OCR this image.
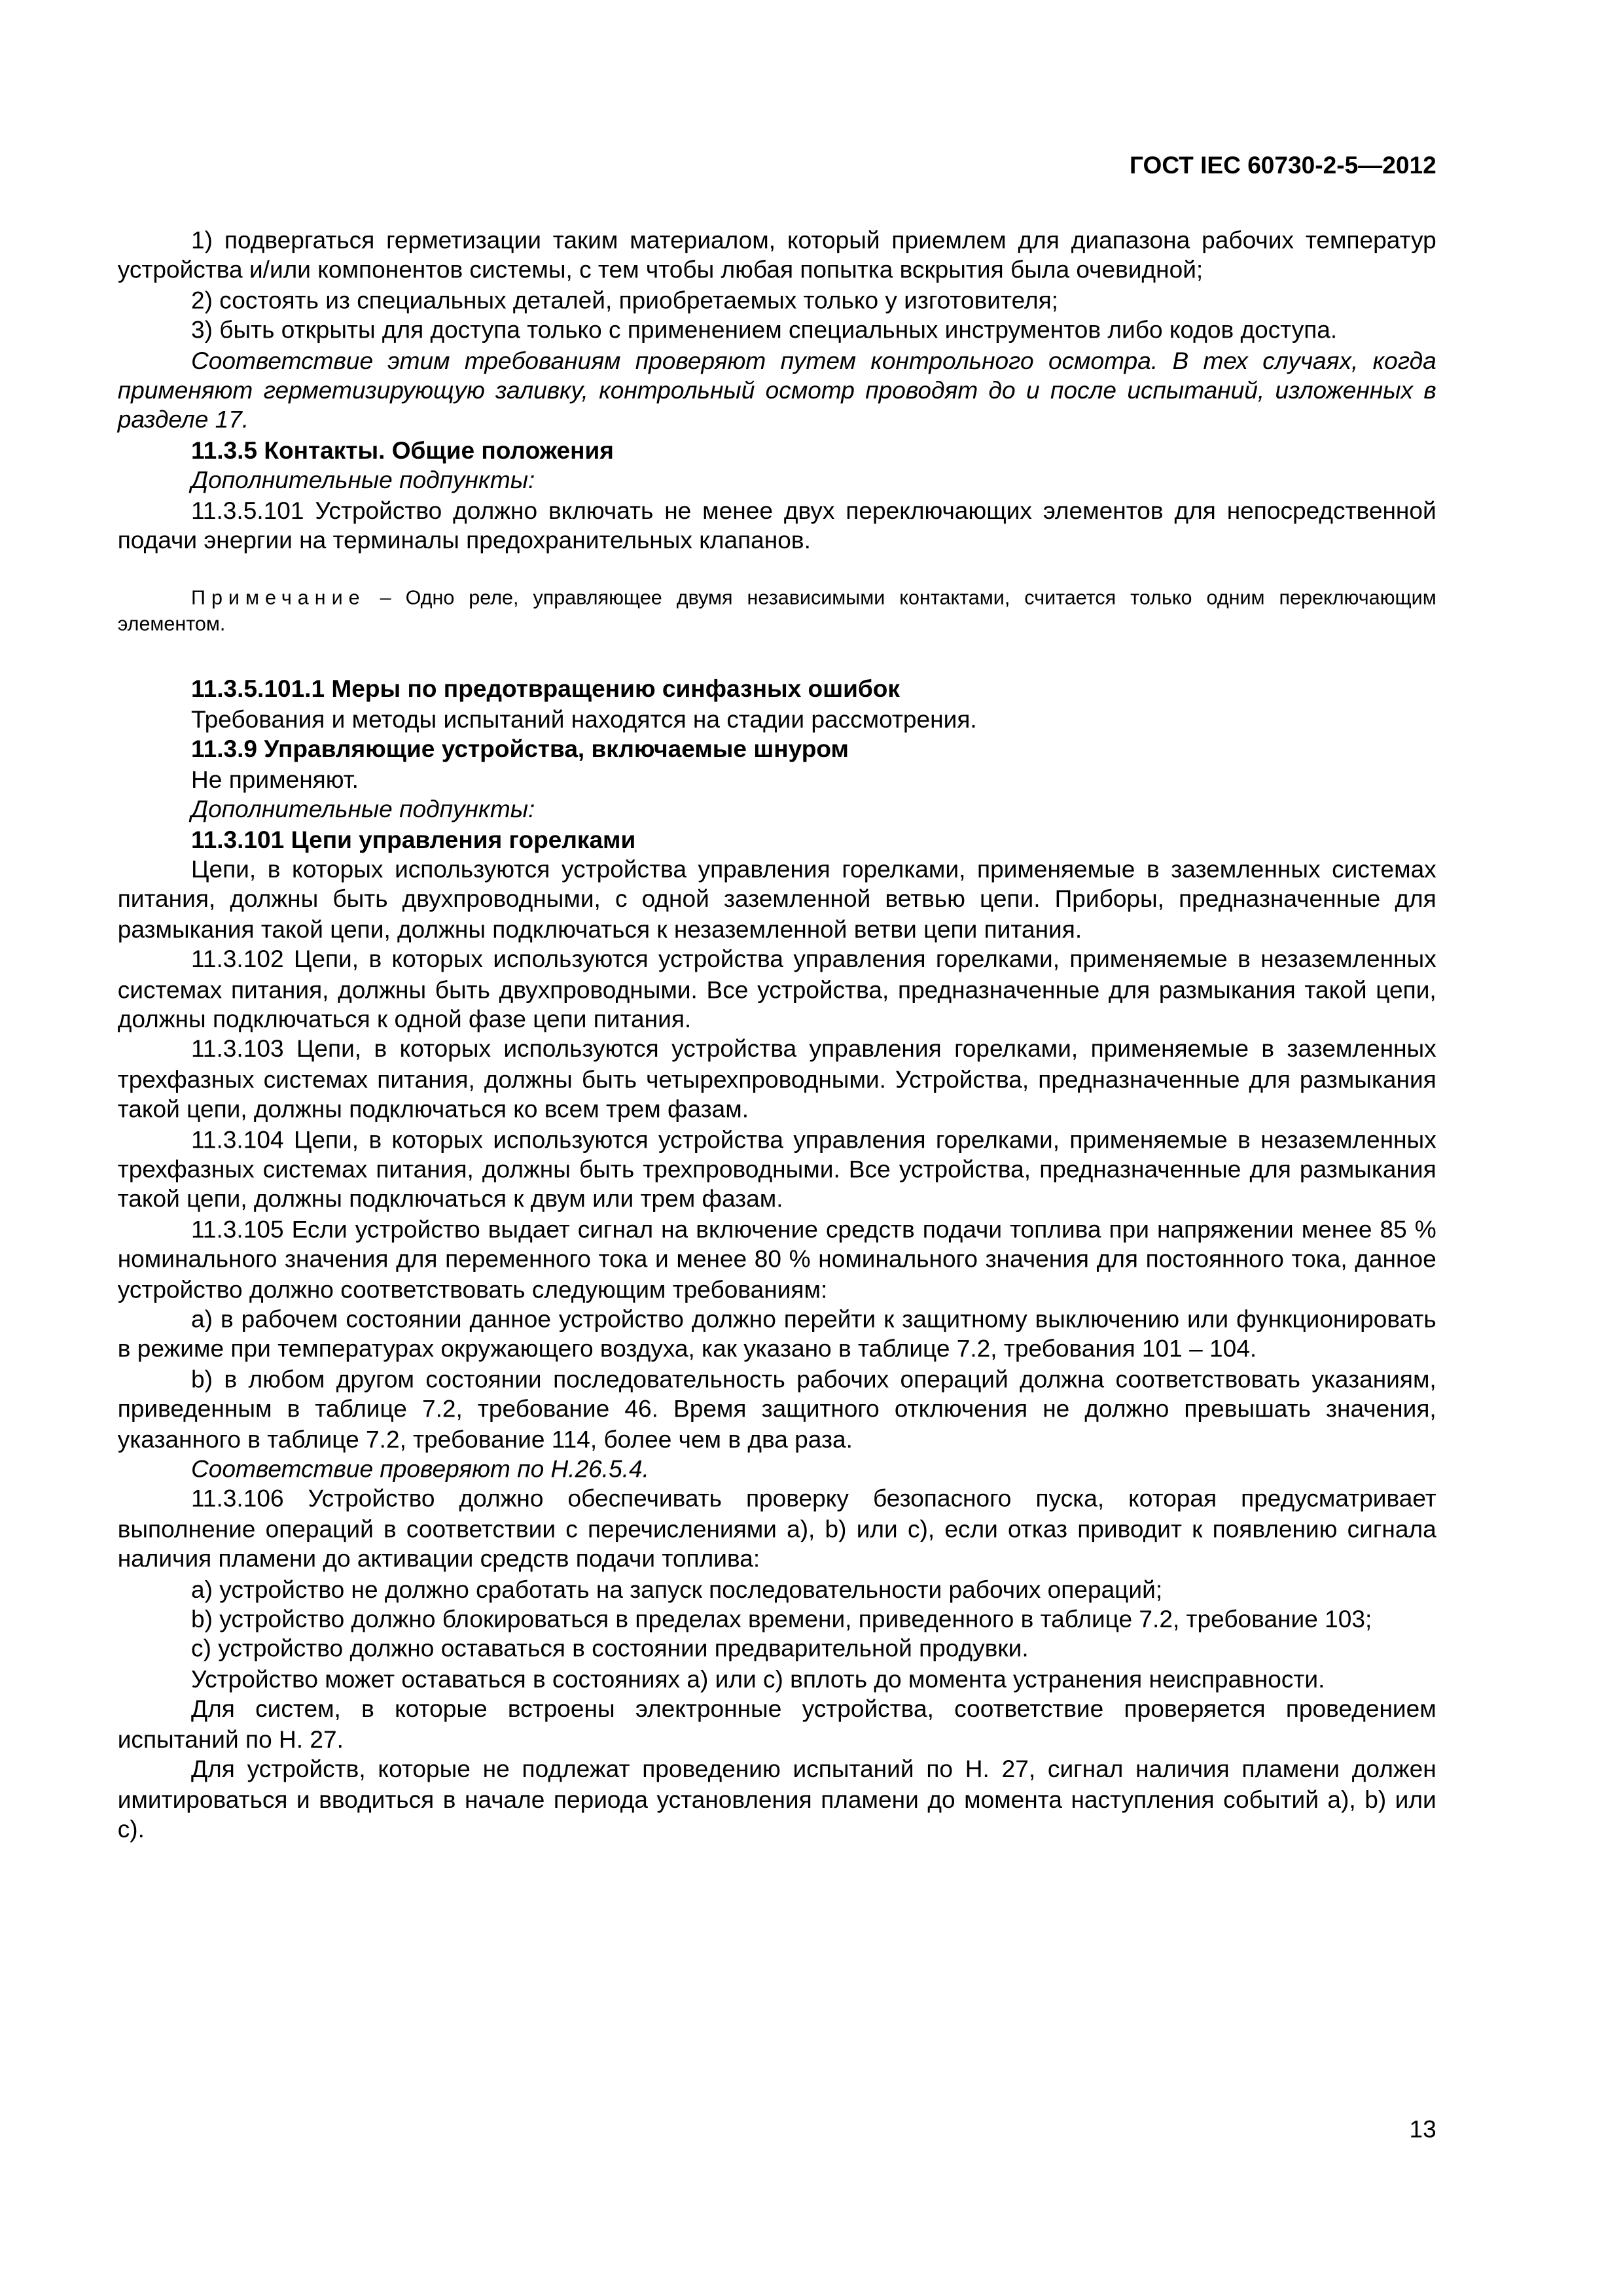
ГОСТ IEC 60730-2-5—2012

1) подвергаться герметизации таким материалом, который приемлем для диапазона рабочих температур устройства и/или компонентов системы, с тем чтобы любая попытка вскрытия была очевидной;

2) состоять из специальных деталей, приобретаемых только у изготовителя;

3) быть открыты для доступа только с применением специальных инструментов либо кодов доступа.

Соответствие этим требованиям проверяют путем контрольного осмотра. В тех случаях, когда применяют герметизирующую заливку, контрольный осмотр проводят до и после испытаний, изложенных в разделе 17.

11.3.5 Контакты. Общие положения

Дополнительные подпункты:

11.3.5.101 Устройство должно включать не менее двух переключающих элементов для непосредственной подачи энергии на терминалы предохранительных клапанов.

Примечание – Одно реле, управляющее двумя независимыми контактами, считается только одним переключающим элементом.

11.3.5.101.1 Меры по предотвращению синфазных ошибок

Требования и методы испытаний находятся на стадии рассмотрения.

11.3.9 Управляющие устройства, включаемые шнуром

Не применяют.

Дополнительные подпункты:

11.3.101 Цепи управления горелками

Цепи, в которых используются устройства управления горелками, применяемые в заземленных системах питания, должны быть двухпроводными, с одной заземленной ветвью цепи. Приборы, предназначенные для размыкания такой цепи, должны подключаться к незаземленной ветви цепи питания.

11.3.102 Цепи, в которых используются устройства управления горелками, применяемые в незаземленных системах питания, должны быть двухпроводными. Все устройства, предназначенные для размыкания такой цепи, должны подключаться к одной фазе цепи питания.

11.3.103 Цепи, в которых используются устройства управления горелками, применяемые в заземленных трехфазных системах питания, должны быть четырехпроводными. Устройства, предназначенные для размыкания такой цепи, должны подключаться ко всем трем фазам.

11.3.104 Цепи, в которых используются устройства управления горелками, применяемые в незаземленных трехфазных системах питания, должны быть трехпроводными. Все устройства, предназначенные для размыкания такой цепи, должны подключаться к двум или трем фазам.

11.3.105 Если устройство выдает сигнал на включение средств подачи топлива при напряжении менее 85 % номинального значения для переменного тока и менее 80 % номинального значения для постоянного тока, данное устройство должно соответствовать следующим требованиям:

а) в рабочем состоянии данное устройство должно перейти к защитному выключению или функционировать в режиме при температурах окружающего воздуха, как указано в таблице 7.2, требования 101 – 104.

b) в любом другом состоянии последовательность рабочих операций должна соответствовать указаниям, приведенным в таблице 7.2, требование 46. Время защитного отключения не должно превышать значения, указанного в таблице 7.2, требование 114, более чем в два раза.

Соответствие проверяют по Н.26.5.4.

11.3.106 Устройство должно обеспечивать проверку безопасного пуска, которая предусматривает выполнение операций в соответствии с перечислениями а), b) или с), если отказ приводит к появлению сигнала наличия пламени до активации средств подачи топлива:

а) устройство не должно сработать на запуск последовательности рабочих операций;

b) устройство должно блокироваться в пределах времени, приведенного в таблице 7.2, требование 103;

с) устройство должно оставаться в состоянии предварительной продувки.

Устройство может оставаться в состояниях а) или с) вплоть до момента устранения неисправности.

Для систем, в которые встроены электронные устройства, соответствие проверяется проведением испытаний по Н. 27.

Для устройств, которые не подлежат проведению испытаний по Н. 27, сигнал наличия пламени должен имитироваться и вводиться в начале периода установления пламени до момента наступления событий а), b) или с).

13
